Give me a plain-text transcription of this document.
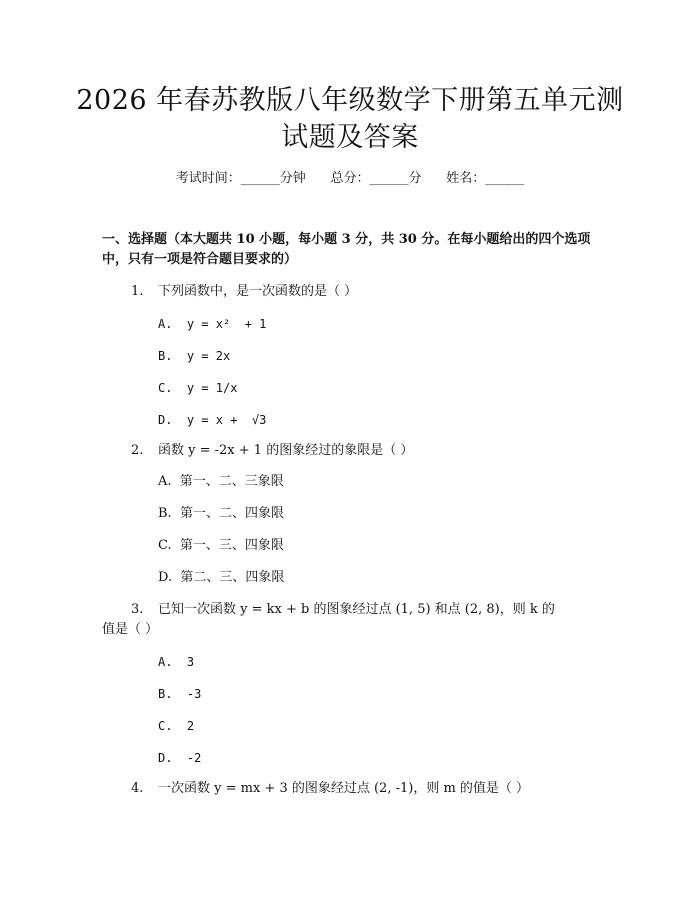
2026 年春苏教版八年级数学下册第五单元测
试题及答案
考试时间：______分钟      总分：______分      姓名：______
一、选择题（本大题共 10 小题，每小题 3 分，共 30 分。在每小题给出的四个选项中，只有一项是符合题目要求的）
1. 下列函数中，是一次函数的是（ ）
A.  y = x²  + 1
B.  y = 2x
C.  y = 1/x
D.  y = x +  √3
2. 函数 y = -2x + 1 的图象经过的象限是（ ）
A.  第一、二、三象限
B.  第一、二、四象限
C.  第一、三、四象限
D.  第二、三、四象限
3. 已知一次函数 y = kx + b 的图象经过点 (1, 5) 和点 (2, 8)，则 k 的
值是（ ）
A.  3
B.  -3
C.  2
D.  -2
4. 一次函数 y = mx + 3 的图象经过点 (2, -1)，则 m 的值是（ ）
